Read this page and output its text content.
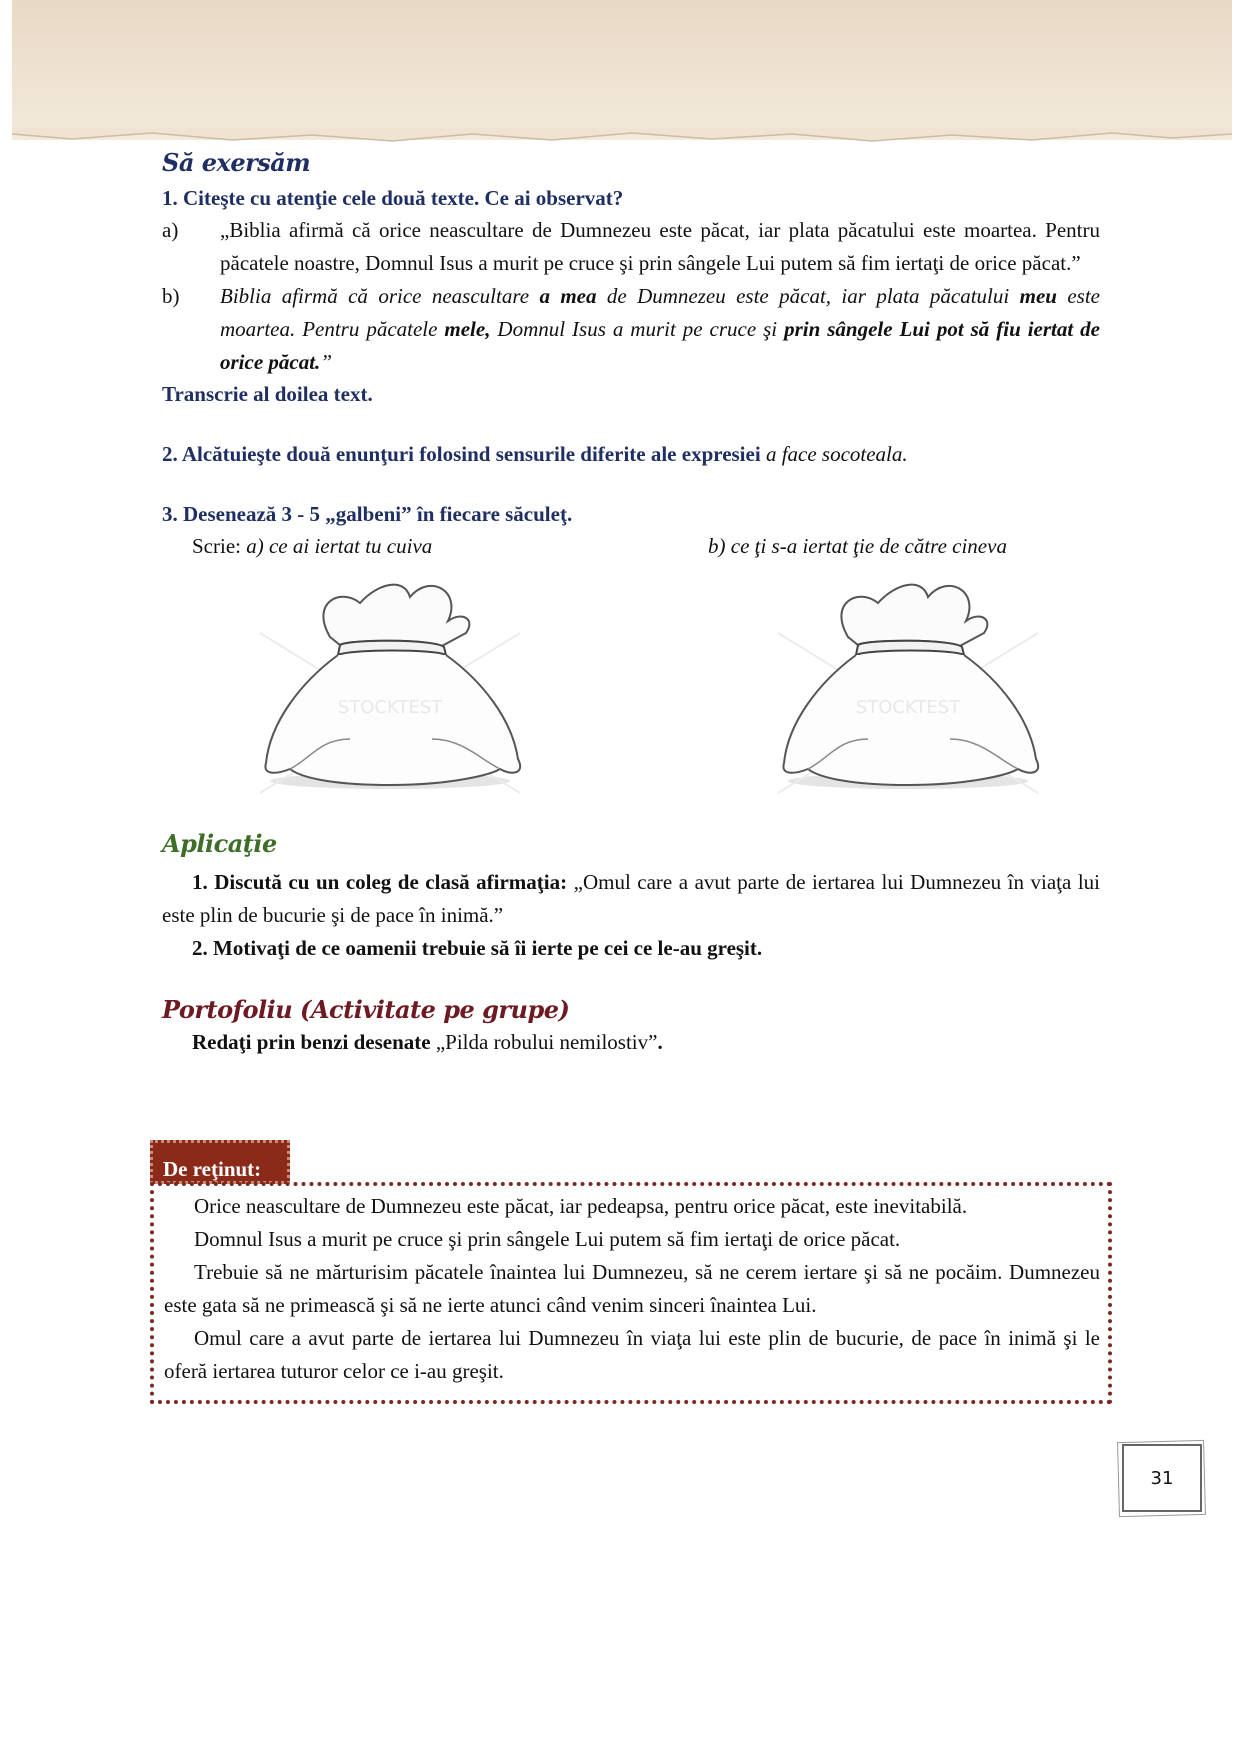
Să exersăm
1. Citeşte cu atenţie cele două texte. Ce ai observat?
a)	„Biblia afirmă că orice neascultare de Dumnezeu este păcat, iar plata păcatului este moartea. Pentru păcatele noastre, Domnul Isus a murit pe cruce şi prin sângele Lui putem să fim iertaţi de orice păcat.”
b)	Biblia afirmă că orice neascultare a mea de Dumnezeu este păcat, iar plata păcatului meu este moartea. Pentru păcatele mele, Domnul Isus a murit pe cruce şi prin sângele Lui pot să fiu iertat de orice păcat.”
Transcrie al doilea text.
2. Alcătuieşte două enunţuri folosind sensurile diferite ale expresiei a face socoteala.
3. Desenează 3 - 5 „galbeni” în fiecare săculeţ.
Scrie: a) ce ai iertat tu cuiva	b) ce ţi s-a iertat ţie de către cineva
STOCKTEST	STOCKTEST
Aplicaţie
1. Discută cu un coleg de clasă afirmaţia: „Omul care a avut parte de iertarea lui Dumnezeu în viaţa lui este plin de bucurie şi de pace în inimă.”
2. Motivaţi de ce oamenii trebuie să îi ierte pe cei ce le-au greşit.
Portofoliu (Activitate pe grupe)
Redaţi prin benzi desenate „Pilda robului nemilostiv”.
De reţinut:

Orice neascultare de Dumnezeu este păcat, iar pedeapsa, pentru orice păcat, este inevitabilă.

Domnul Isus a murit pe cruce şi prin sângele Lui putem să fim iertaţi de orice păcat.

Trebuie să ne mărturisim păcatele înaintea lui Dumnezeu, să ne cerem iertare şi să ne pocăim. Dumnezeu este gata să ne primească şi să ne ierte atunci când venim sinceri înaintea Lui.

Omul care a avut parte de iertarea lui Dumnezeu în viaţa lui este plin de bucurie, de pace în inimă şi le oferă iertarea tuturor celor ce i-au greşit.

31
